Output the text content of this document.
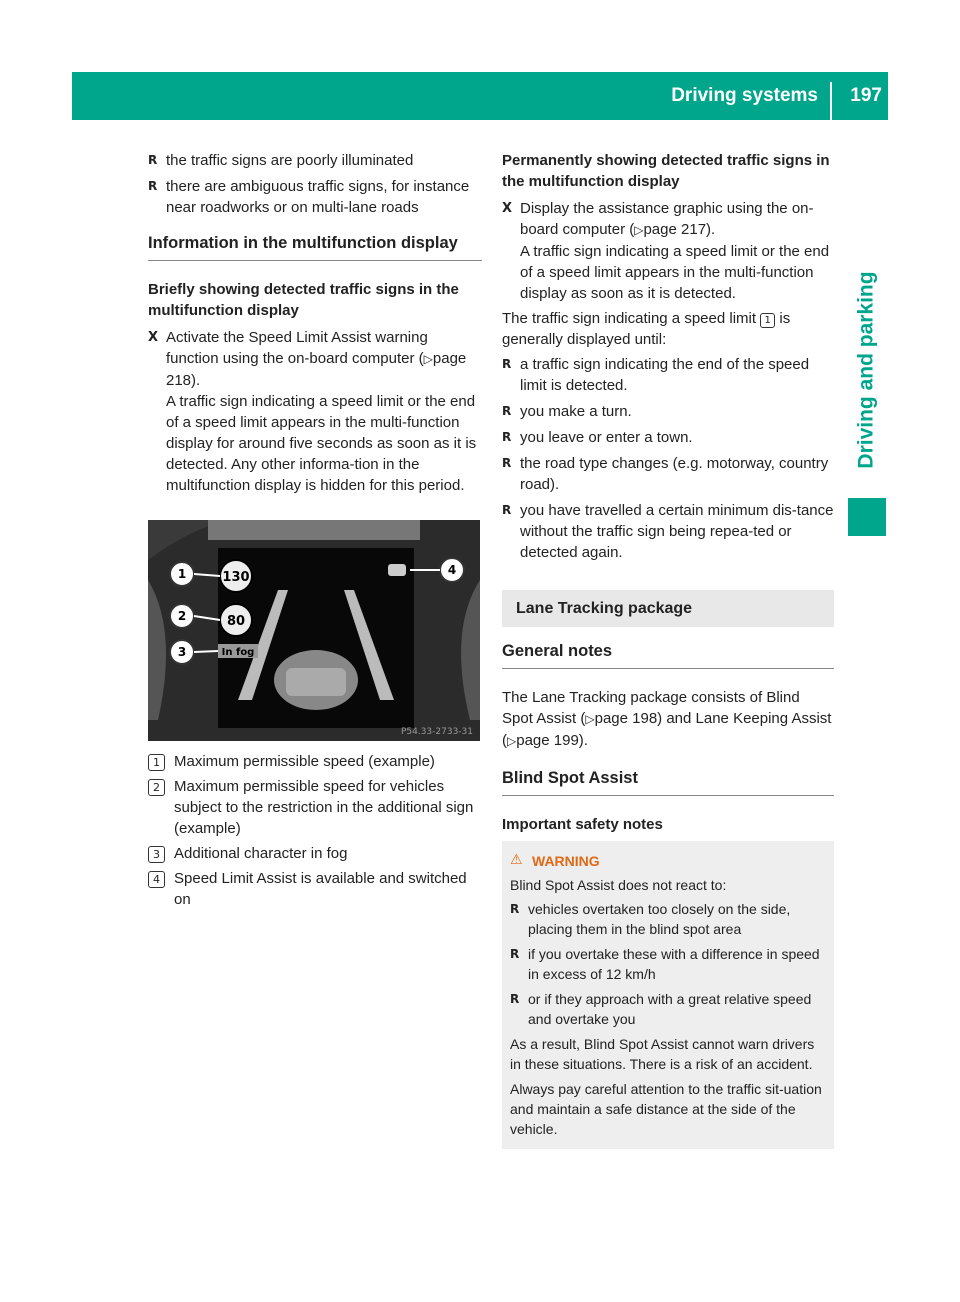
Driving systems 197
Driving and parking

R the traffic signs are poorly illuminated

R there are ambiguous traffic signs, for instance near roadworks or on multi-lane roads

Information in the multifunction display
Briefly showing detected traffic signs in the multifunction display
X Activate the Speed Limit Assist warning function using the on-board computer (▷page 218).
A traffic sign indicating a speed limit or the end of a speed limit appears in the multi-function display for around five seconds as soon as it is detected. Any other informa-tion in the multifunction display is hidden for this period.
1
2
3
4
130
80
In fog
P54.33-2733-31
1 Maximum permissible speed (example)
2 Maximum permissible speed for vehicles subject to the restriction in the additional sign (example)
3 Additional character in fog
4 Speed Limit Assist is available and switched on
Permanently showing detected traffic signs in the multifunction display
X Display the assistance graphic using the on-board computer (▷page 217).
A traffic sign indicating a speed limit or the end of a speed limit appears in the multi-function display as soon as it is detected.

The traffic sign indicating a speed limit 1 is generally displayed until:

R a traffic sign indicating the end of the speed limit is detected.

R you make a turn.

R you leave or enter a town.

R the road type changes (e.g. motorway, country road).

R you have travelled a certain minimum dis-tance without the traffic sign being repea-ted or detected again.

Lane Tracking package
General notes

The Lane Tracking package consists of Blind Spot Assist (▷page 198) and Lane Keeping Assist (▷page 199).

Blind Spot Assist
Important safety notes
⚠ WARNING

Blind Spot Assist does not react to:

R vehicles overtaken too closely on the side, placing them in the blind spot area

R if you overtake these with a difference in speed in excess of 12 km/h

R or if they approach with a great relative speed and overtake you

As a result, Blind Spot Assist cannot warn drivers in these situations. There is a risk of an accident.

Always pay careful attention to the traffic sit-uation and maintain a safe distance at the side of the vehicle.
